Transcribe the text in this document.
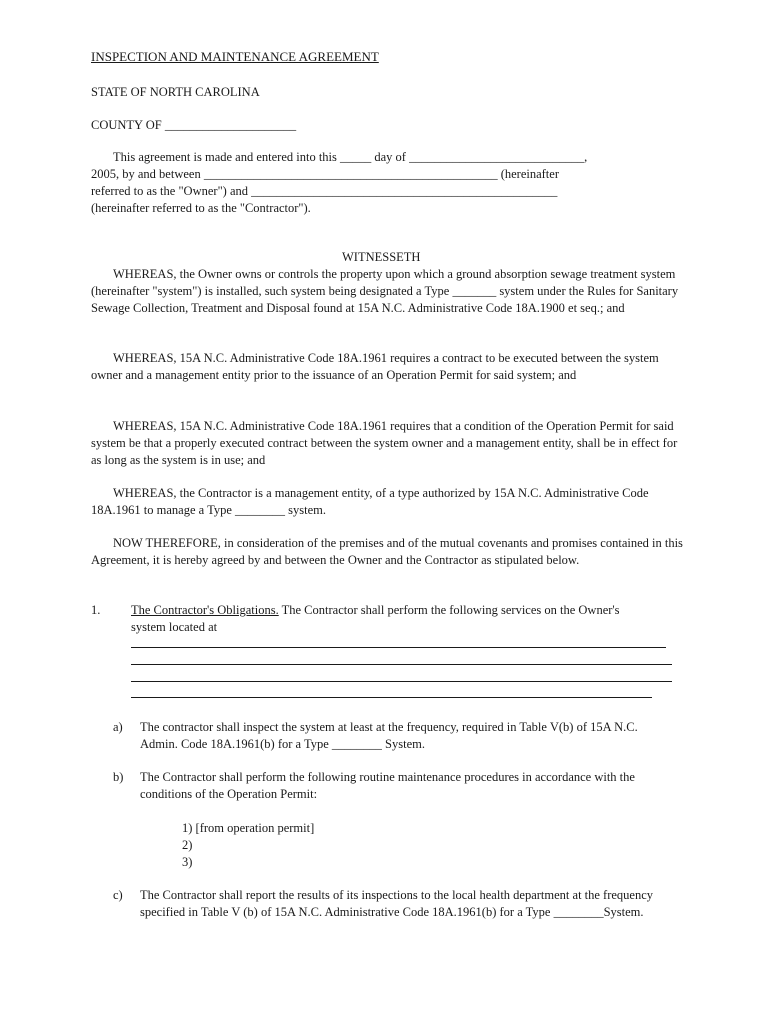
INSPECTION AND MAINTENANCE AGREEMENT
STATE OF NORTH CAROLINA
COUNTY OF _____________________
This agreement is made and entered into this _____ day of ____________________________,
2005, by and between _______________________________________________ (hereinafter
referred to as the "Owner") and _________________________________________________
(hereinafter referred to as the "Contractor").
WITNESSETH

WHEREAS, the Owner owns or controls the property upon which a ground absorption sewage treatment system (hereinafter "system") is installed, such system being designated a Type _______ system under the Rules for Sanitary Sewage Collection, Treatment and Disposal found at 15A N.C. Administrative Code 18A.1900 et seq.; and

WHEREAS, 15A N.C. Administrative Code 18A.1961 requires a contract to be executed between the system owner and a management entity prior to the issuance of an Operation Permit for said system; and

WHEREAS, 15A N.C. Administrative Code 18A.1961 requires that a condition of the Operation Permit for said system be that a properly executed contract between the system owner and a management entity, shall be in effect for as long as the system is in use; and

WHEREAS, the Contractor is a management entity, of a type authorized by 15A N.C. Administrative Code 18A.1961 to manage a Type ________ system.

NOW THEREFORE, in consideration of the premises and of the mutual covenants and promises contained in this Agreement, it is hereby agreed by and between the Owner and the Contractor as stipulated below.

1. The Contractor's Obligations. The Contractor shall perform the following services on the Owner's
system located at
a) The contractor shall inspect the system at least at the frequency, required in Table V(b) of 15A N.C. Admin. Code 18A.1961(b) for a Type ________ System.

b) The Contractor shall perform the following routine maintenance procedures in accordance with the conditions of the Operation Permit:

1) [from operation permit]
2)
3)
c) The Contractor shall report the results of its inspections to the local health department at the frequency specified in Table V (b) of 15A N.C. Administrative Code 18A.1961(b) for a Type ________System.
